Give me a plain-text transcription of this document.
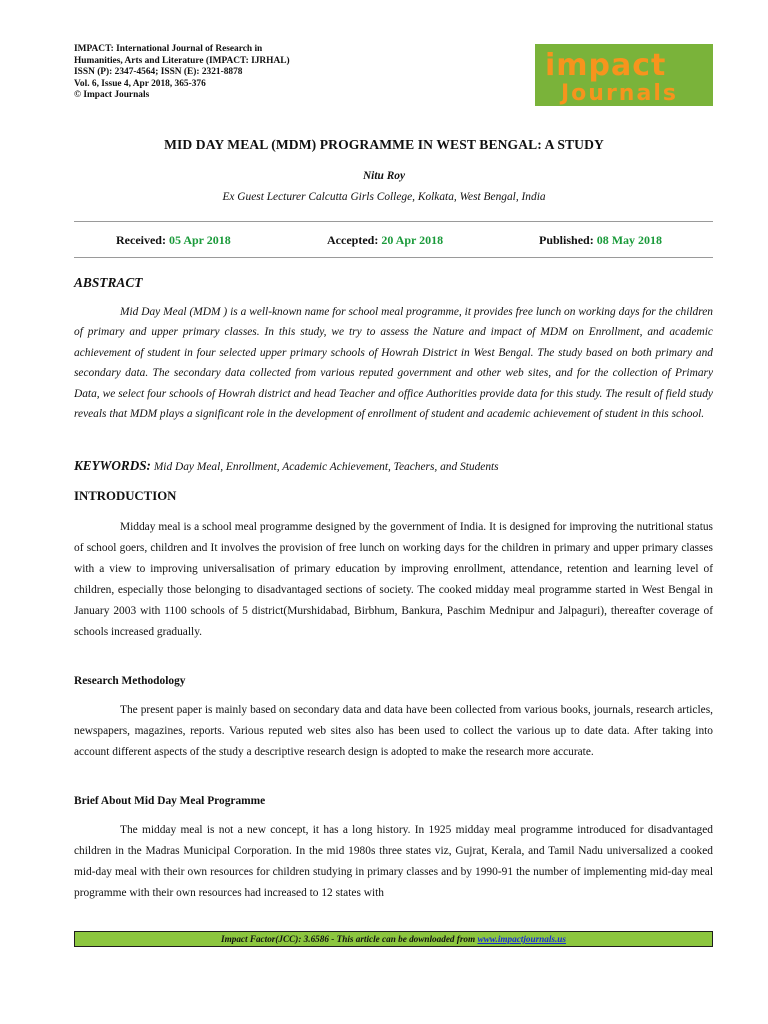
IMPACT: International Journal of Research in
Humanities, Arts and Literature (IMPACT: IJRHAL)
ISSN (P): 2347-4564; ISSN (E): 2321-8878
Vol. 6, Issue 4, Apr 2018, 365-376
© Impact Journals
impact
Journals
MID DAY MEAL (MDM) PROGRAMME IN WEST BENGAL: A STUDY
Nitu Roy
Ex Guest Lecturer Calcutta Girls College, Kolkata, West Bengal, India
Received: 05 Apr 2018	Accepted: 20 Apr 2018	Published: 08 May 2018
ABSTRACT
Mid Day Meal (MDM ) is a well-known name for school meal programme, it provides free lunch on working days for the children of primary and upper primary classes. In this study, we try to assess the Nature and impact of MDM on Enrollment, and academic achievement of student in four selected upper primary schools of Howrah District in West Bengal. The study based on both primary and secondary data. The secondary data collected from various reputed government and other web sites, and for the collection of Primary Data, we select four schools of Howrah district and head Teacher and office Authorities provide data for this study. The result of field study reveals that MDM plays a significant role in the development of enrollment of student and academic achievement of student in this school.
KEYWORDS: Mid Day Meal, Enrollment, Academic Achievement, Teachers, and Students
INTRODUCTION
Midday meal is a school meal programme designed by the government of India. It is designed for improving the nutritional status of school goers, children and It involves the provision of free lunch on working days for the children in primary and upper primary classes with a view to improving universalisation of primary education by improving enrollment, attendance, retention and learning level of children, especially those belonging to disadvantaged sections of society. The cooked midday meal programme started in West Bengal in January 2003 with 1100 schools of 5 district(Murshidabad, Birbhum, Bankura, Paschim Mednipur and Jalpaguri), thereafter coverage of schools increased gradually.
Research Methodology
The present paper is mainly based on secondary data and data have been collected from various books, journals, research articles, newspapers, magazines, reports. Various reputed web sites also has been used to collect the various up to date data. After taking into account different aspects of the study a descriptive research design is adopted to make the research more accurate.
Brief About Mid Day Meal Programme
The midday meal is not a new concept, it has a long history. In 1925 midday meal programme introduced for disadvantaged children in the Madras Municipal Corporation. In the mid 1980s three states viz, Gujrat, Kerala, and Tamil Nadu universalized a cooked mid-day meal with their own resources for children studying in primary classes and by 1990-91 the number of implementing mid-day meal programme with their own resources had increased to 12 states with
Impact Factor(JCC): 3.6586 - This article can be downloaded from www.impactjournals.us
